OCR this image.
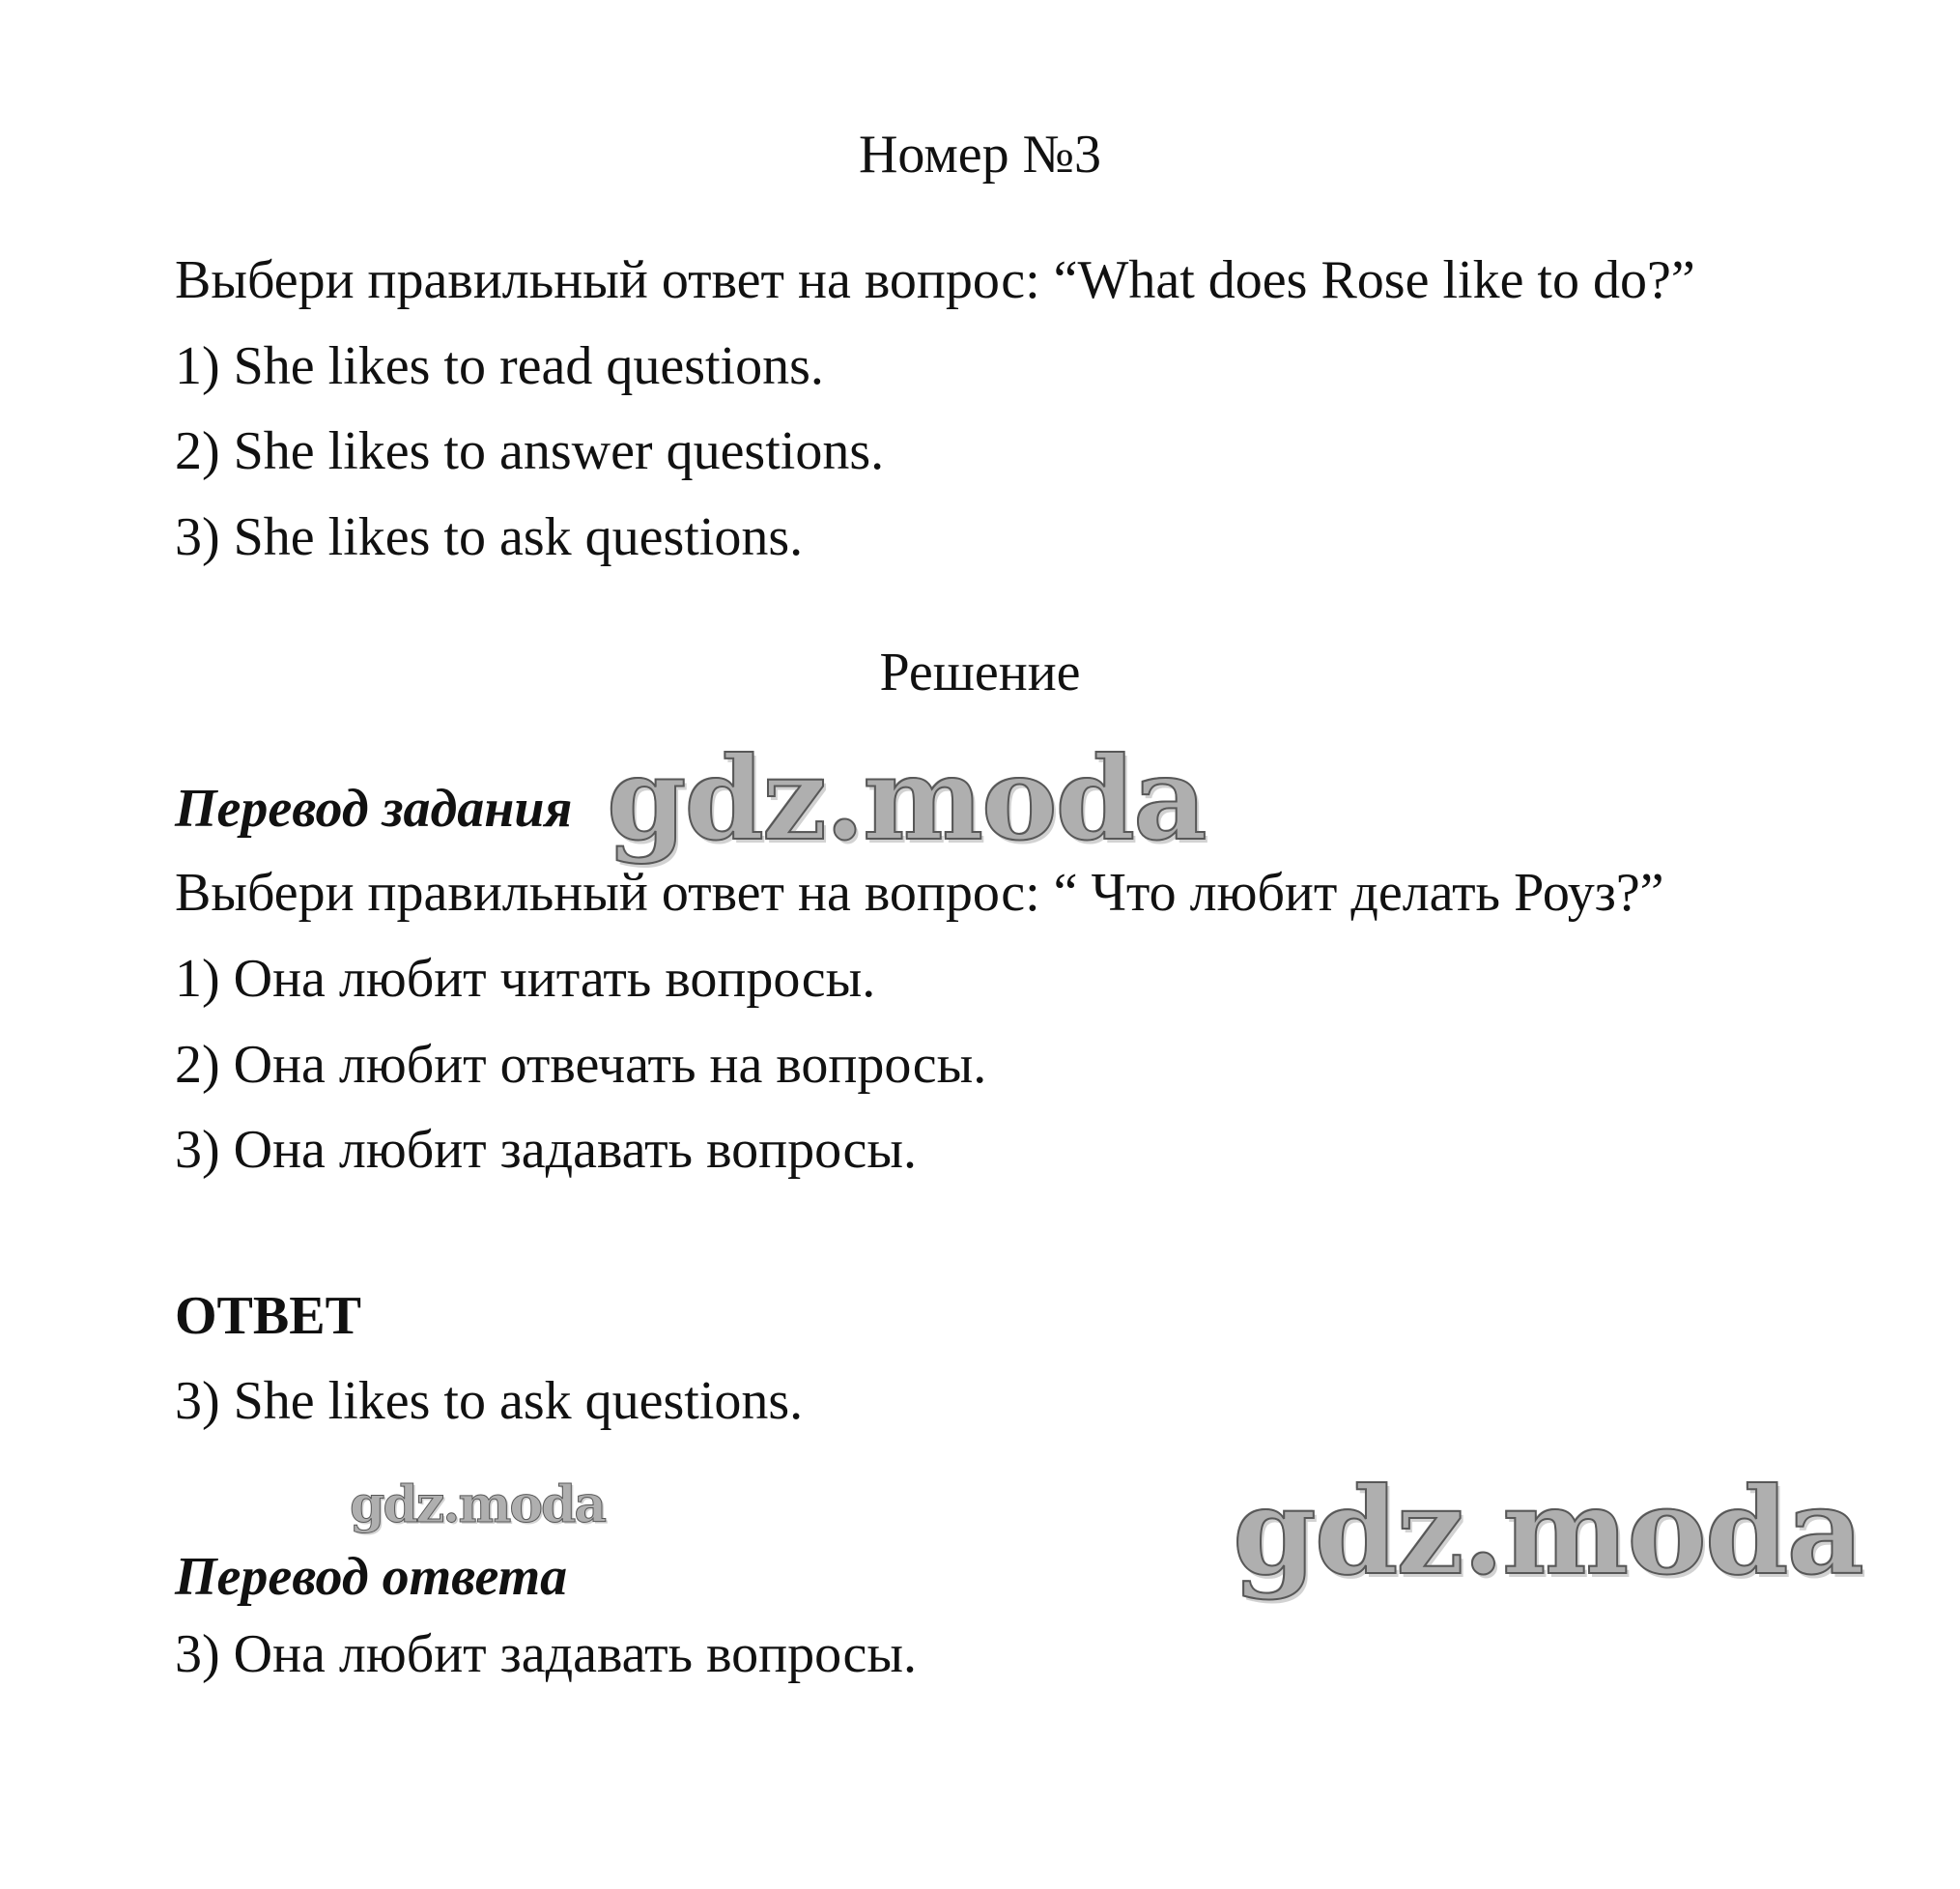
Номер №3
Выбери правильный ответ на вопрос: “What does Rose like to do?”
1) She likes to read questions.
2) She likes to answer questions.
3) She likes to ask questions.
Решение
Перевод задания gdz.moda
Выбери правильный ответ на вопрос: “ Что любит делать Роуз?”
1) Она любит читать вопросы.
2) Она любит отвечать на вопросы.
3) Она любит задавать вопросы.
ОТВЕТ
3) She likes to ask questions.
gdz.moda	gdz.moda
Перевод ответа
3) Она любит задавать вопросы.
